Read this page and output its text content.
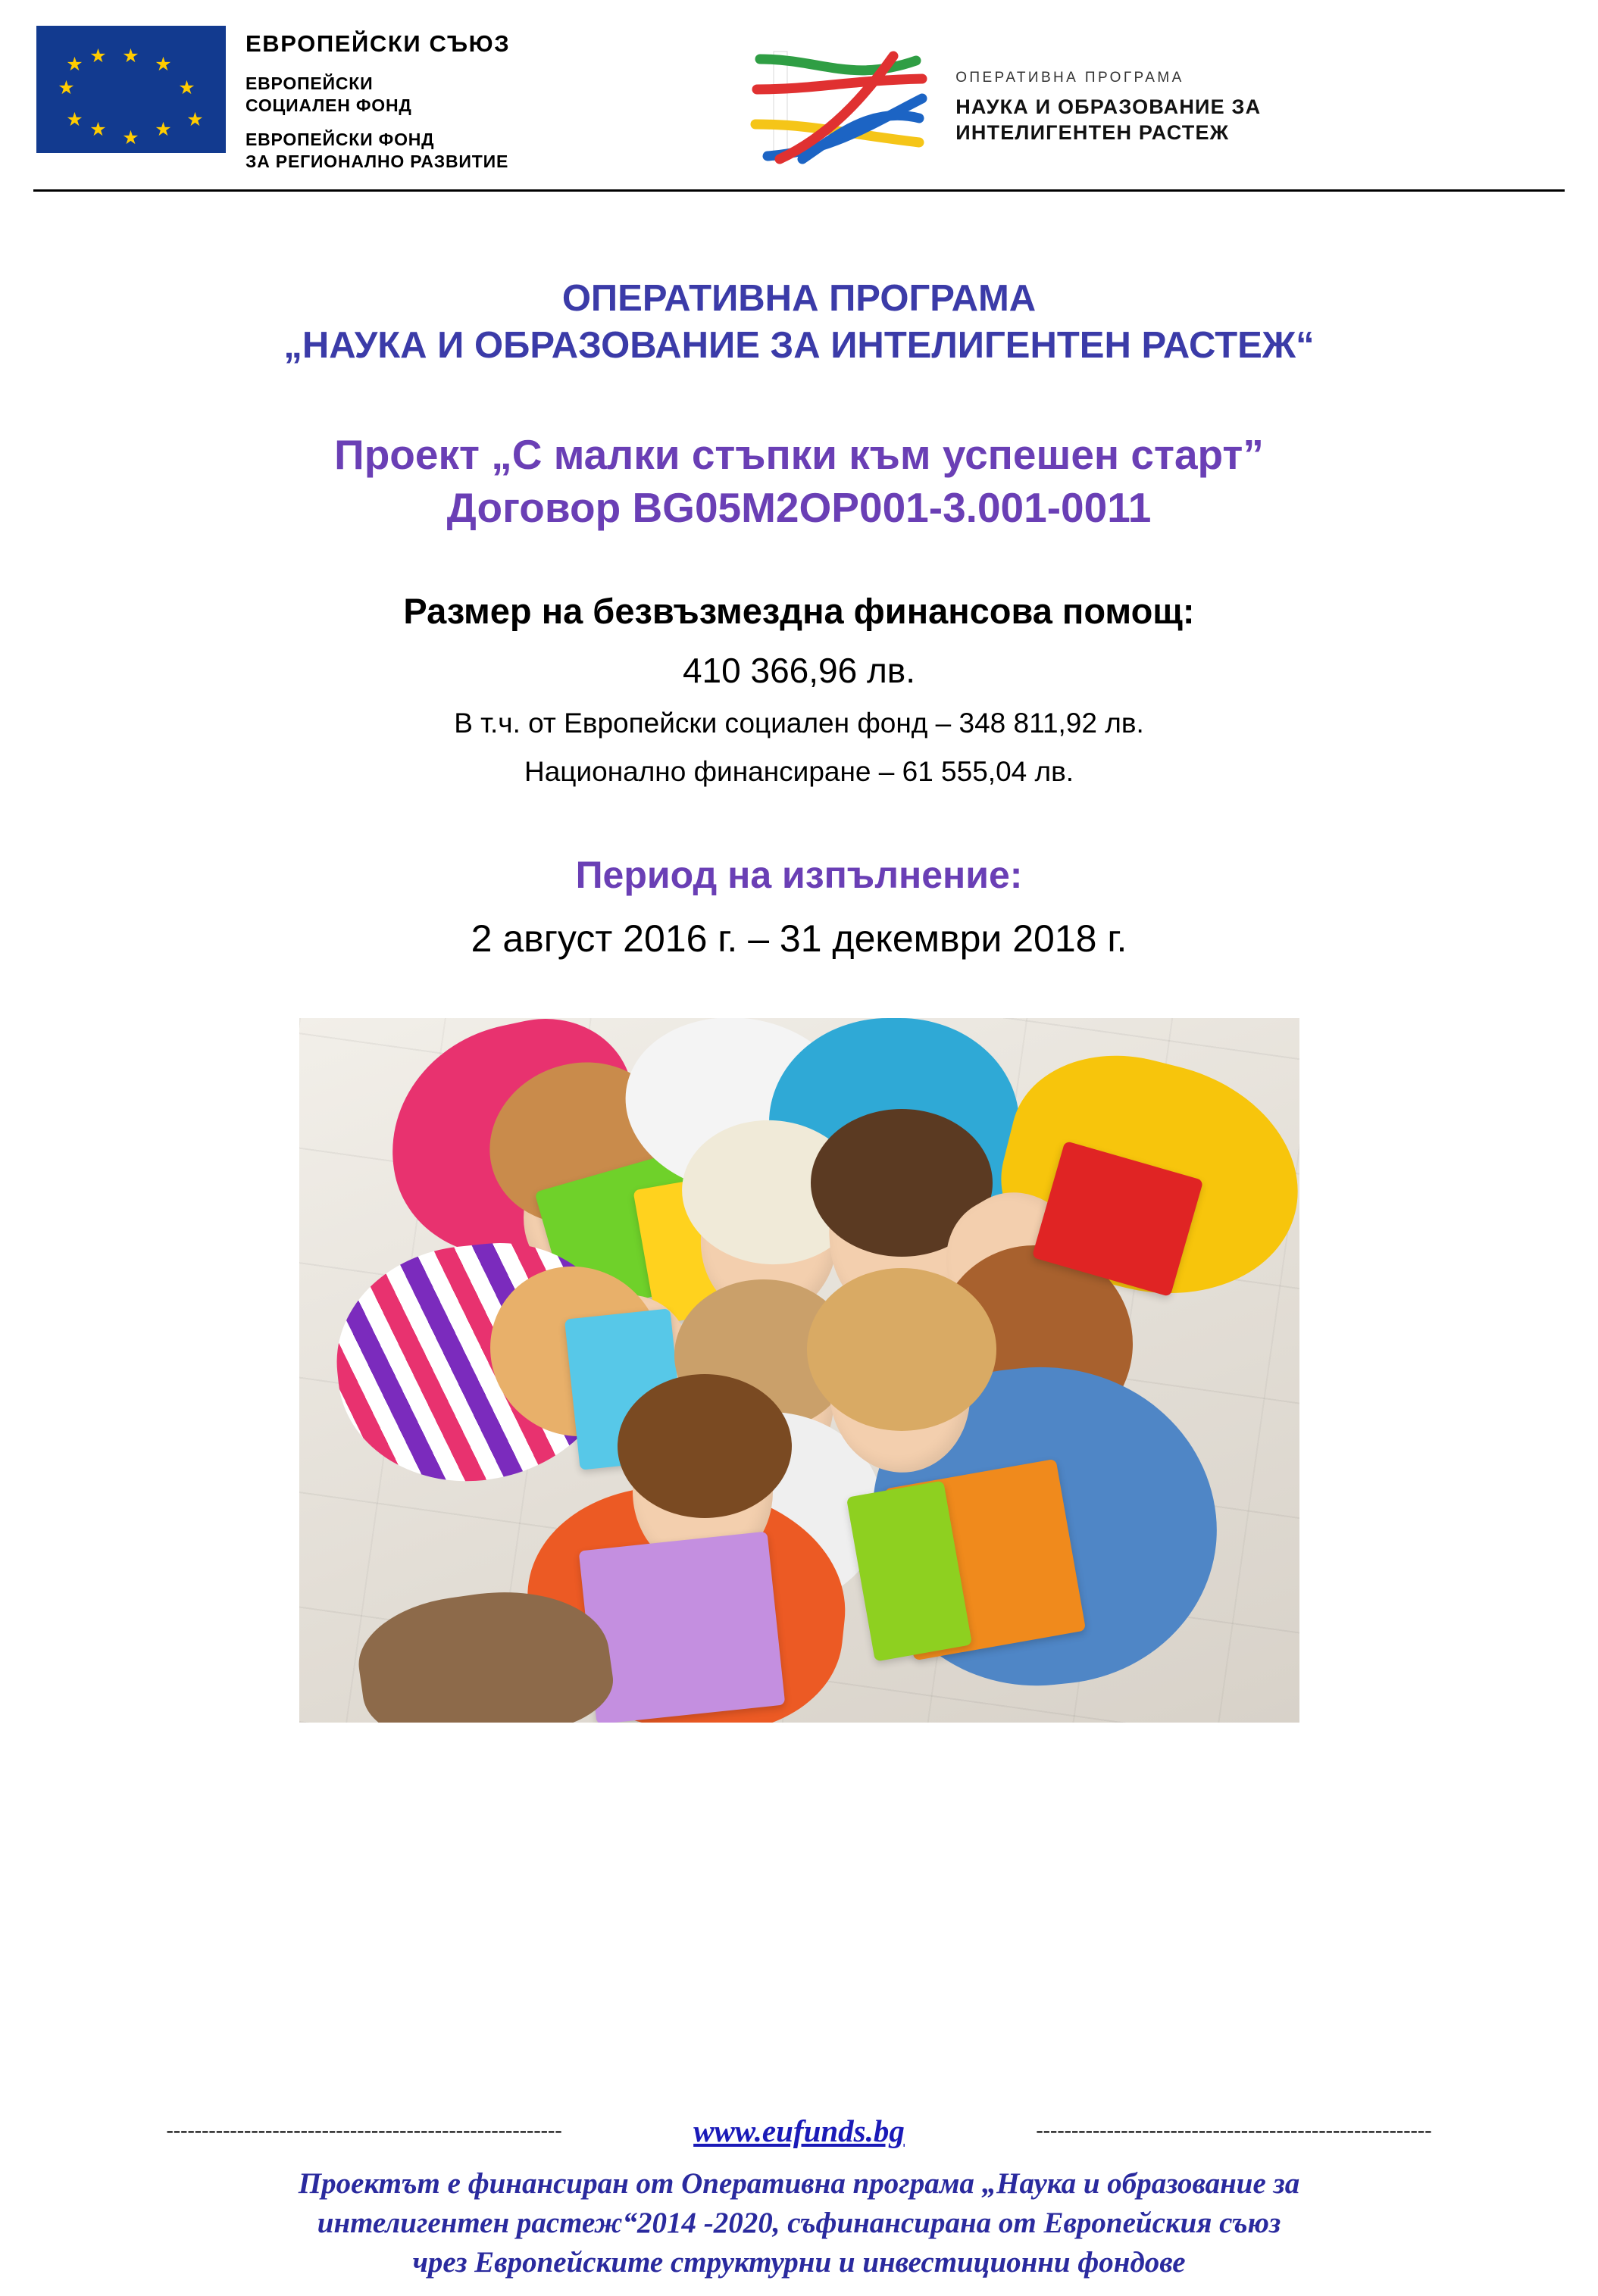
★ ★
★
★
★
★
★
★
★
★ ★	ЕВРОПЕЙСКИ СЪЮЗ
ЕВРОПЕЙСКИ
СОЦИАЛЕН ФОНД
ЕВРОПЕЙСКИ ФОНД
ЗА РЕГИОНАЛНО РАЗВИТИЕ
ОПЕРАТИВНА ПРОГРАМА
НАУКА И ОБРАЗОВАНИЕ ЗА
ИНТЕЛИГЕНТЕН РАСТЕЖ
ОПЕРАТИВНА ПРОГРАМА
„НАУКА И ОБРАЗОВАНИЕ ЗА ИНТЕЛИГЕНТЕН РАСТЕЖ“
Проект „С малки стъпки към успешен старт”
Договор BG05M2OP001-3.001-0011
Размер на безвъзмездна финансова помощ:
410 366,96 лв.
В т.ч. от Европейски социален фонд – 348 811,92 лв.
Национално финансиране – 61 555,04 лв.
Период на изпълнение:
2 август 2016 г. – 31 декември 2018 г.
--------------------------------------------------------	www.eufunds.bg	--------------------------------------------------------
Проектът е финансиран от Оперативна програма „Наука и образование за
интелигентен растеж“2014 -2020, съфинансирана от Европейския съюз
чрез Европейските структурни и инвестиционни фондове
